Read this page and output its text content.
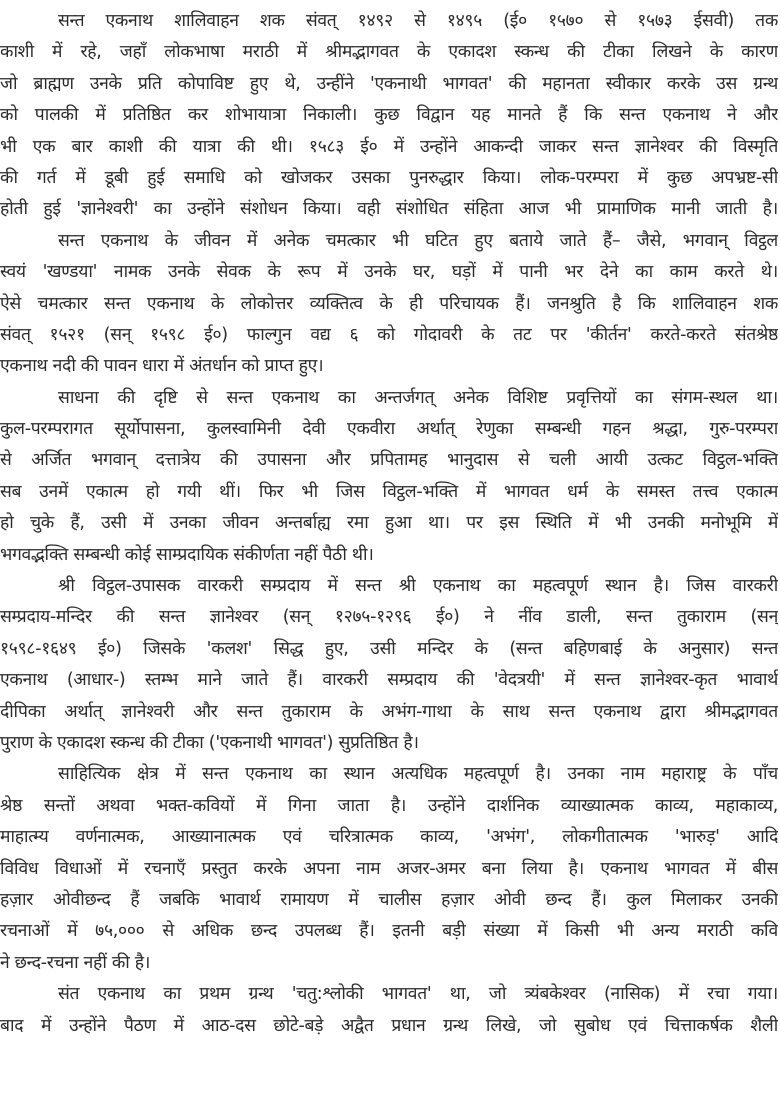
सन्त एकनाथ शालिवाहन शक संवत् १४९२ से १४९५ (ई० १५७० से १५७३ ईसवी) तक
काशी में रहे, जहाँ लोकभाषा मराठी में श्रीमद्भागवत के एकादश स्कन्ध की टीका लिखने के कारण
जो ब्राह्मण उनके प्रति कोपाविष्ट हुए थे, उन्हींने 'एकनाथी भागवत' की महानता स्वीकार करके उस ग्रन्थ
को पालकी में प्रतिष्ठित कर शोभायात्रा निकाली। कुछ विद्वान यह मानते हैं कि सन्त एकनाथ ने और
भी एक बार काशी की यात्रा की थी। १५८३ ई० में उन्होंने आकन्दी जाकर सन्त ज्ञानेश्वर की विस्मृति
की गर्त में डूबी हुई समाधि को खोजकर उसका पुनरुद्धार किया। लोक-परम्परा में कुछ अपभ्रष्ट-सी
होती हुई 'ज्ञानेश्वरी' का उन्होंने संशोधन किया। वही संशोधित संहिता आज भी प्रामाणिक मानी जाती है।
सन्त एकनाथ के जीवन में अनेक चमत्कार भी घटित हुए बताये जाते हैं– जैसे, भगवान् विट्ठल
स्वयं 'खण्डया' नामक उनके सेवक के रूप में उनके घर, घड़ों में पानी भर देने का काम करते थे।
ऐसे चमत्कार सन्त एकनाथ के लोकोत्तर व्यक्तित्व के ही परिचायक हैं। जनश्रुति है कि शालिवाहन शक
संवत् १५२१ (सन् १५९८ ई०) फाल्गुन वद्य ६ को गोदावरी के तट पर 'कीर्तन' करते-करते संतश्रेष्ठ
एकनाथ नदी की पावन धारा में अंतर्धान को प्राप्त हुए।
साधना की दृष्टि से सन्त एकनाथ का अन्तर्जगत् अनेक विशिष्ट प्रवृत्तियों का संगम-स्थल था।
कुल-परम्परागत सूर्योपासना, कुलस्वामिनी देवी एकवीरा अर्थात् रेणुका सम्बन्धी गहन श्रद्धा, गुरु-परम्परा
से अर्जित भगवान् दत्तात्रेय की उपासना और प्रपितामह भानुदास से चली आयी उत्कट विट्ठल-भक्ति
सब उनमें एकात्म हो गयी थीं। फिर भी जिस विट्ठल-भक्ति में भागवत धर्म के समस्त तत्त्व एकात्म
हो चुके हैं, उसी में उनका जीवन अन्तर्बाह्य रमा हुआ था। पर इस स्थिति में भी उनकी मनोभूमि में
भगवद्भक्ति सम्बन्धी कोई साम्प्रदायिक संकीर्णता नहीं पैठी थी।
श्री विट्ठल-उपासक वारकरी सम्प्रदाय में सन्त श्री एकनाथ का महत्वपूर्ण स्थान है। जिस वारकरी
सम्प्रदाय-मन्दिर की सन्त ज्ञानेश्वर (सन् १२७५-१२९६ ई०) ने नींव डाली, सन्त तुकाराम (सन्
१५९८-१६४९ ई०) जिसके 'कलश' सिद्ध हुए, उसी मन्दिर के (सन्त बहिणबाई के अनुसार) सन्त
एकनाथ (आधार-) स्तम्भ माने जाते हैं। वारकरी सम्प्रदाय की 'वेदत्रयी' में सन्त ज्ञानेश्वर-कृत भावार्थ
दीपिका अर्थात् ज्ञानेश्वरी और सन्त तुकाराम के अभंग-गाथा के साथ सन्त एकनाथ द्वारा श्रीमद्भागवत
पुराण के एकादश स्कन्ध की टीका ('एकनाथी भागवत') सुप्रतिष्ठित है।
साहित्यिक क्षेत्र में सन्त एकनाथ का स्थान अत्यधिक महत्वपूर्ण है। उनका नाम महाराष्ट्र के पाँच
श्रेष्ठ सन्तों अथवा भक्त-कवियों में गिना जाता है। उन्होंने दार्शनिक व्याख्यात्मक काव्य, महाकाव्य,
माहात्म्य वर्णनात्मक, आख्यानात्मक एवं चरित्रात्मक काव्य, 'अभंग', लोकगीतात्मक 'भारुड़' आदि
विविध विधाओं में रचनाएँ प्रस्तुत करके अपना नाम अजर-अमर बना लिया है। एकनाथ भागवत में बीस
हज़ार ओवीछन्द हैं जबकि भावार्थ रामायण में चालीस हज़ार ओवी छन्द हैं। कुल मिलाकर उनकी
रचनाओं में ७५,००० से अधिक छन्द उपलब्ध हैं। इतनी बड़ी संख्या में किसी भी अन्य मराठी कवि
ने छन्द-रचना नहीं की है।
संत एकनाथ का प्रथम ग्रन्थ 'चतु:श्लोकी भागवत' था, जो त्र्यंबकेश्वर (नासिक) में रचा गया।
बाद में उन्होंने पैठण में आठ-दस छोटे-बड़े अद्वैत प्रधान ग्रन्थ लिखे, जो सुबोध एवं चित्ताकर्षक शैली
